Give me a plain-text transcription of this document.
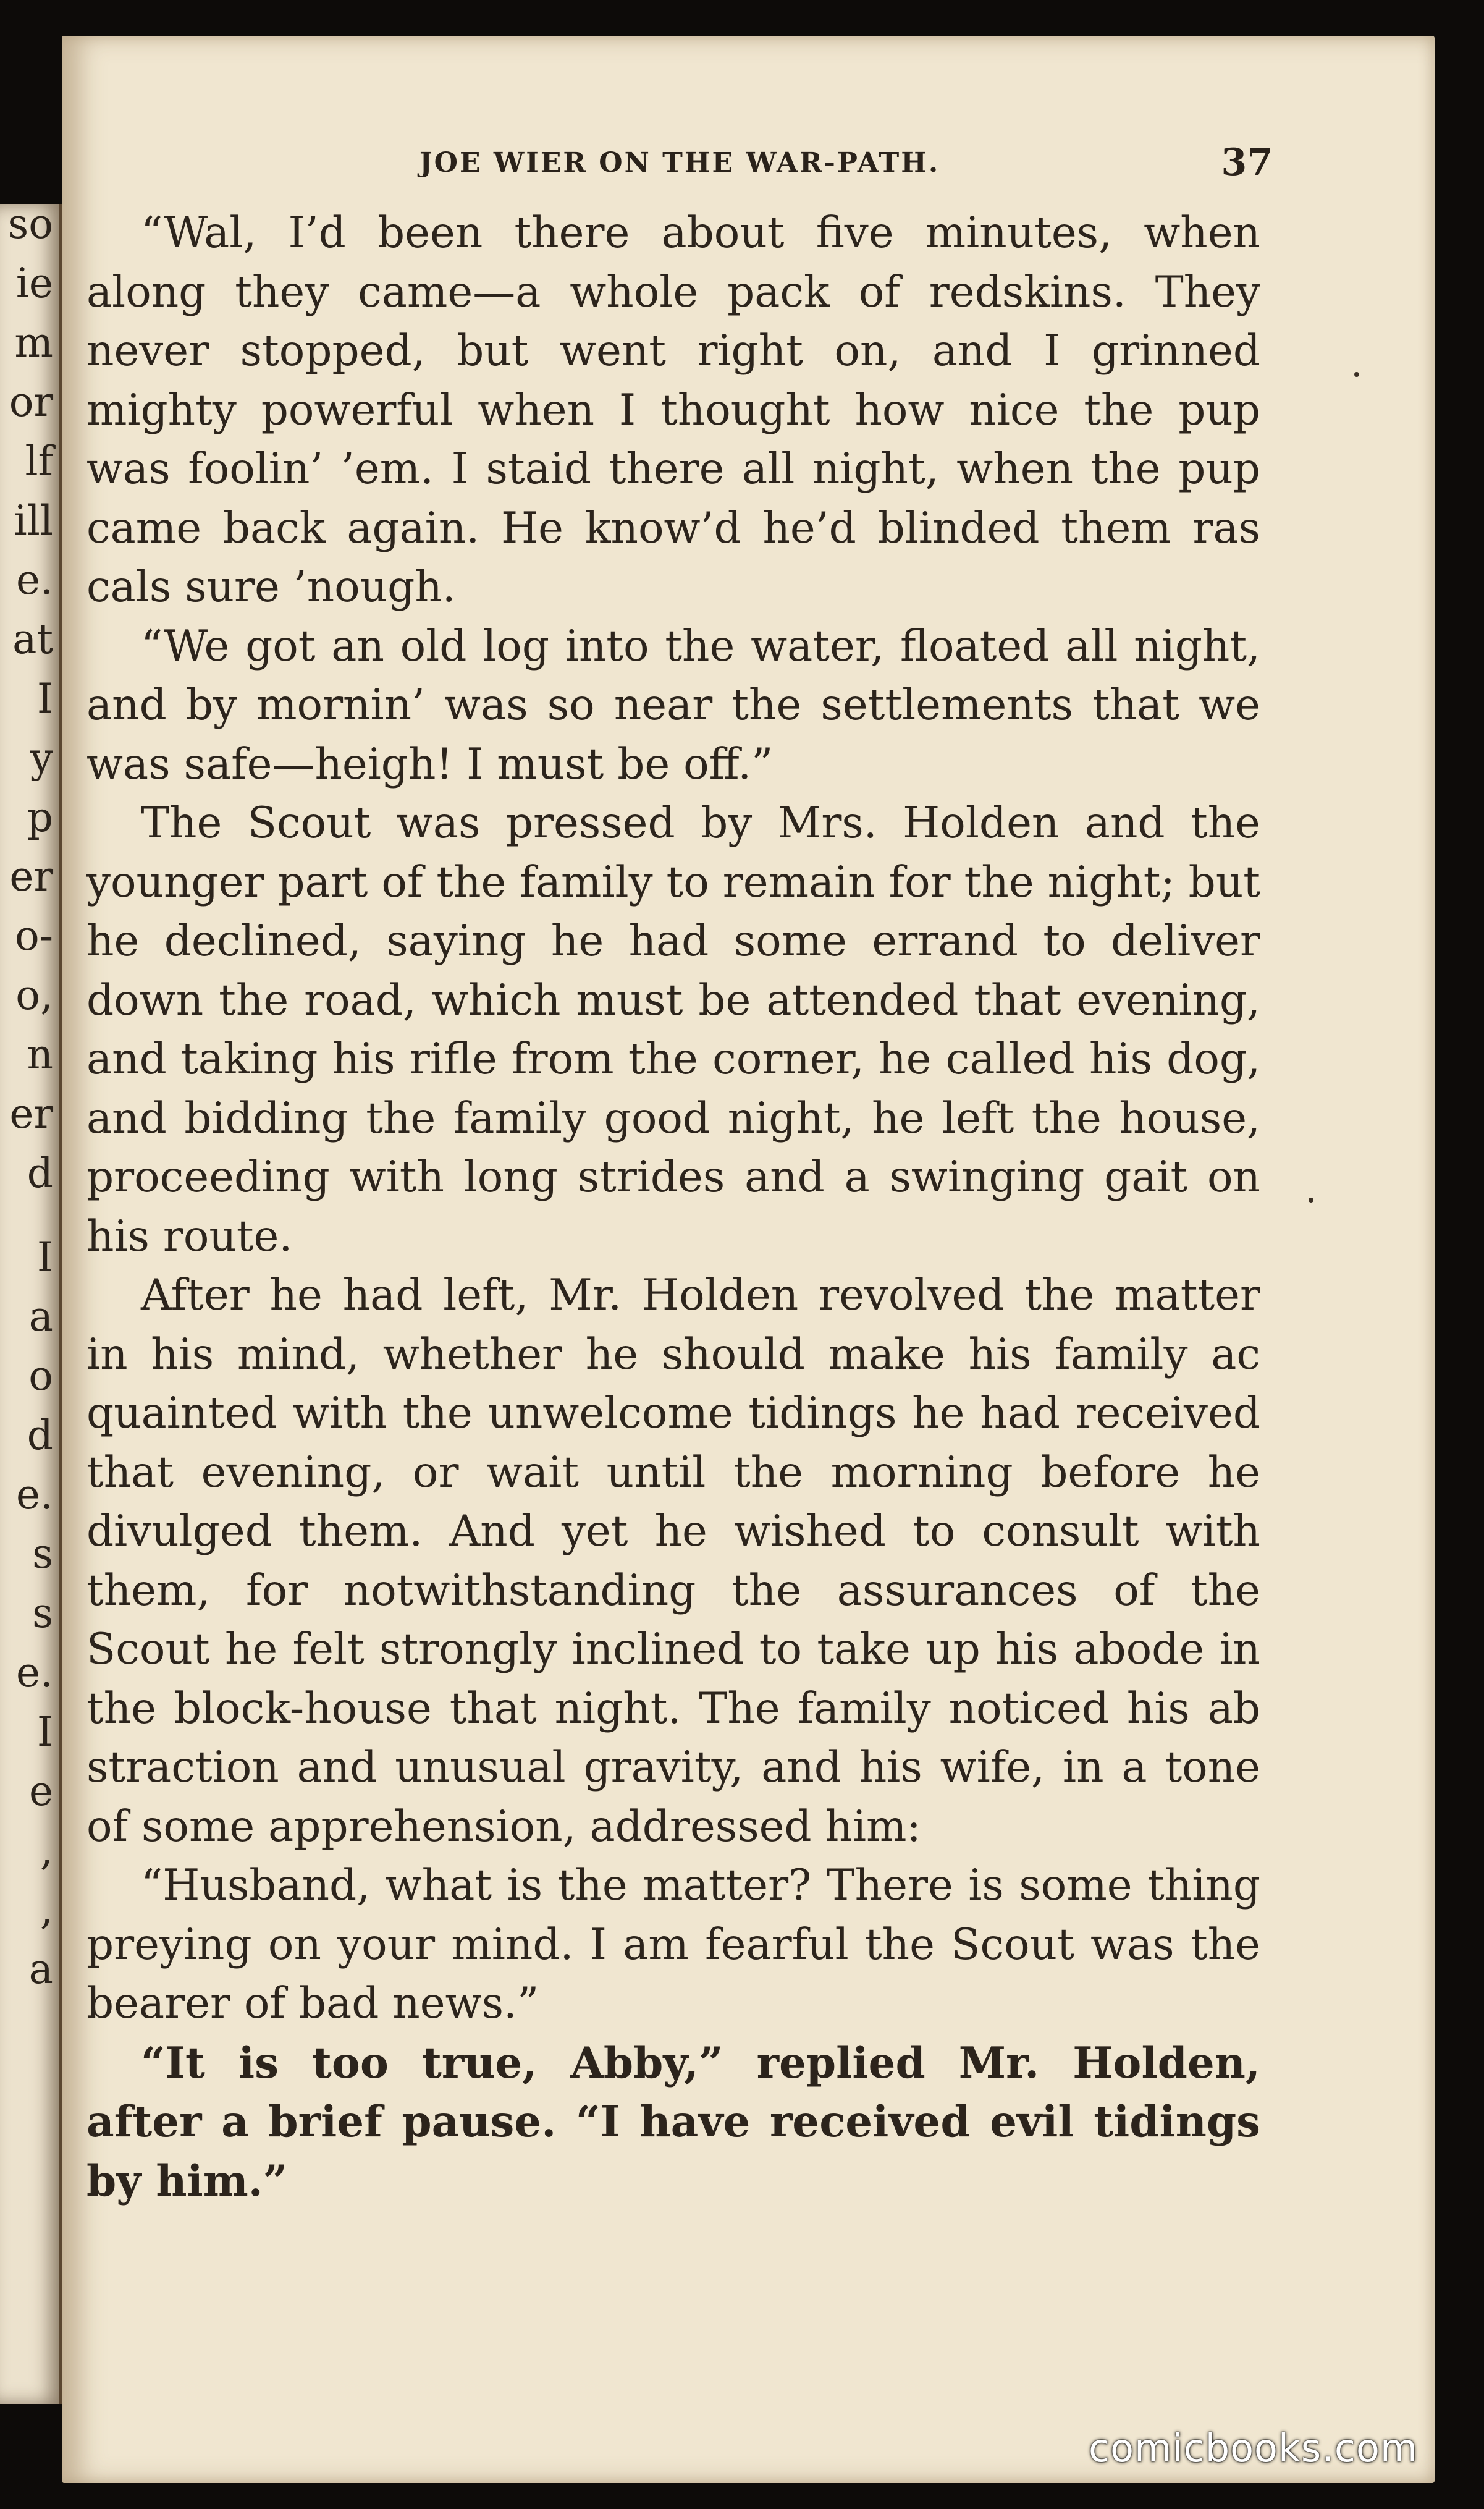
so
ie
m
or
lf
ill
e.
at
I
y
p
er
o-
o,
n
er
d
I
a
o
d
e.
s
s
e.
I
e
,
,
a
JOE WIER ON THE WAR-PATH.	37

“Wal, I’d been there about five minutes, when along they came—a whole pack of redskins. They never stopped, but went right on, and I grinned mighty powerful when I thought how nice the pup was foolin’ ’em. I staid there all night, when the pup came back again. He know’d he’d blinded them ras cals sure ’nough.

“We got an old log into the water, floated all night, and by mornin’ was so near the settlements that we was safe—heigh! I must be off.”

The Scout was pressed by Mrs. Holden and the younger part of the family to remain for the night; but he declined, saying he had some errand to deliver down the road, which must be attended that evening, and taking his rifle from the corner, he called his dog, and bidding the family good night, he left the house, proceeding with long strides and a swinging gait on his route.

After he had left, Mr. Holden revolved the matter in his mind, whether he should make his family ac quainted with the unwelcome tidings he had received that evening, or wait until the morning before he divulged them. And yet he wished to consult with them, for notwithstanding the assurances of the Scout he felt strongly inclined to take up his abode in the block-house that night. The family noticed his ab straction and unusual gravity, and his wife, in a tone of some apprehension, addressed him:

“Husband, what is the matter? There is some thing preying on your mind. I am fearful the Scout was the bearer of bad news.”

“It is too true, Abby,” replied Mr. Holden, after a brief pause. “I have received evil tidings by him.”

comicbooks.com
